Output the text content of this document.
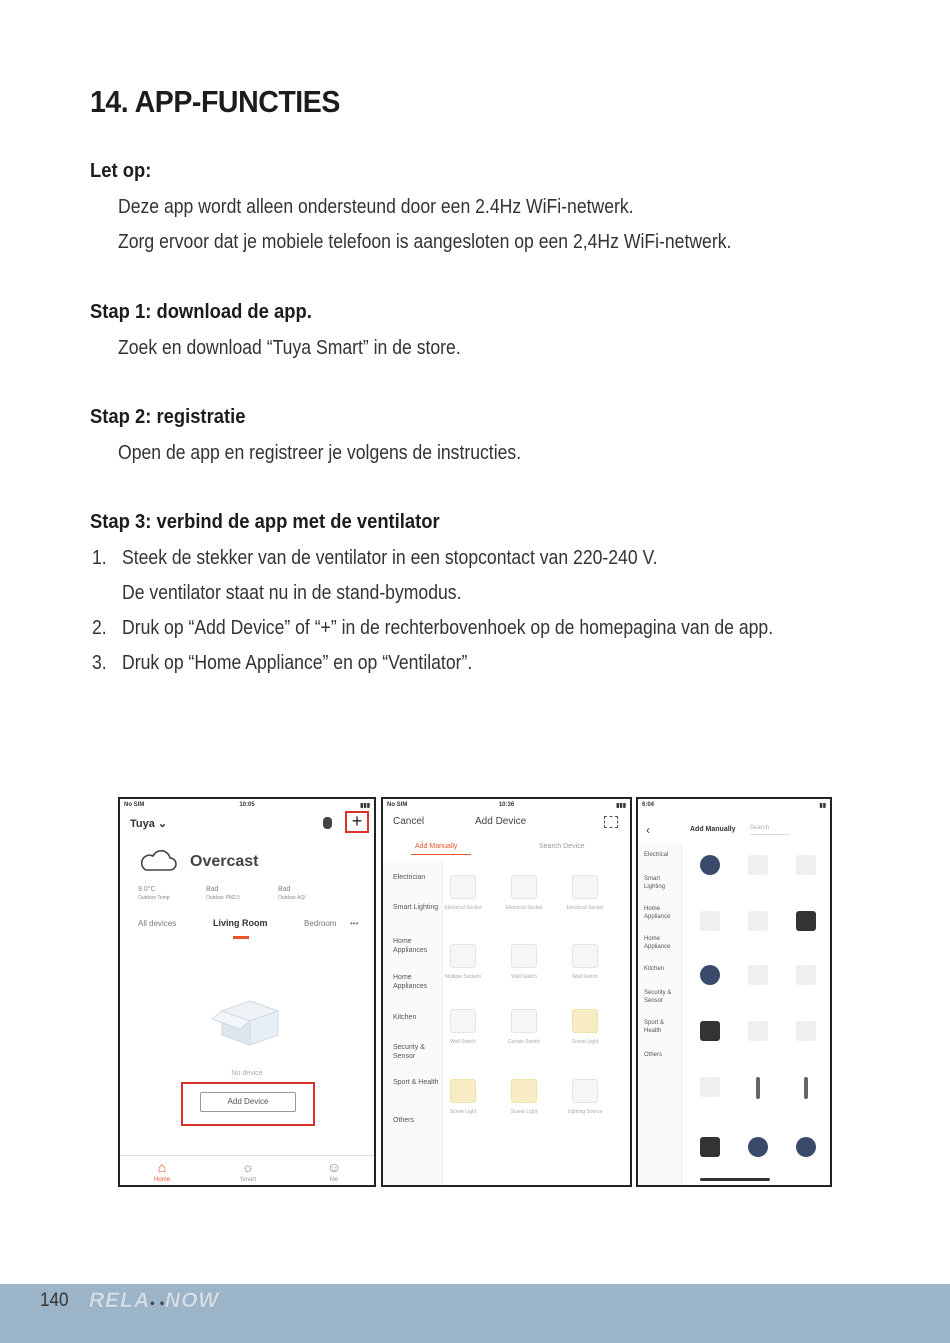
14. APP-FUNCTIES
Let op:
Deze app wordt alleen ondersteund door een 2.4Hz WiFi-netwerk.
Zorg ervoor dat je mobiele telefoon is aangesloten op een 2,4Hz WiFi-netwerk.
Stap 1: download de app.
Zoek en download “Tuya Smart” in de store.
Stap 2: registratie
Open de app en registreer je volgens de instructies.
Stap 3: verbind de app met de ventilator
1. Steek de stekker van de ventilator in een stopcontact van 220-240 V.
De ventilator staat nu in de stand-bymodus.
2. Druk op “Add Device” of “+” in de rechterbovenhoek op de homepagina van de app.
3. Druk op “Home Appliance” en op “Ventilator”.
No SIM	10:05	▮▮▮
Tuya ⌄	+
Overcast
9.0°C
Outdoor Temp
Bad
Outdoor PM2.5
Bad
Outdoor AQI
All devices	Living Room	Bedroom •••
No device
Add Device
⌂
Home
☼
Smart
☺
Me
No SIM	10:36	▮▮▮
Cancel	Add Device
Add Manually	Search Device
Electrician
Smart Lighting
Home Appliances
Home Appliances
Kitchen
Security & Sensor
Sport & Health
Others
Electrical Socket	Electrical Socket	Electrical Socket
Multiple Sockets	Wall Switch	Wall Switch
Wall Switch	Curtain Switch	Scene Light
Scene Light	Scene Light	Lighting Source
6:04	▮▮
‹	Add Manually Search
Electrical
Smart Lighting
Home Appliance
Home Appliance
Kitchen
Security & Sensor
Sport & Health
Others
140 RELA• •NOW
